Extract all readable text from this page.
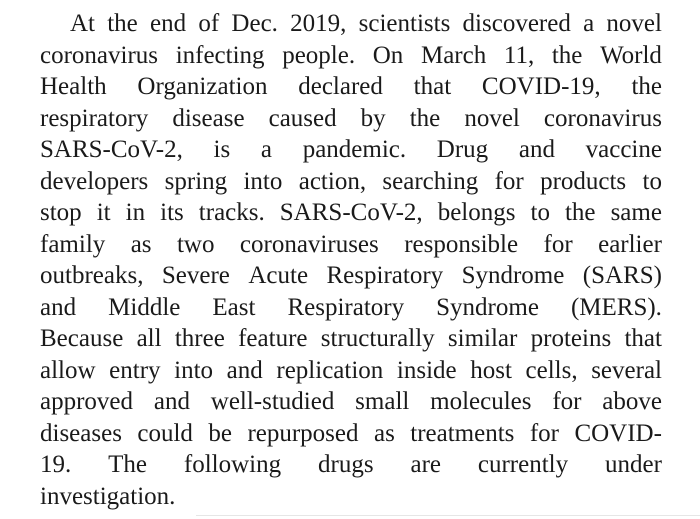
At the end of Dec. 2019, scientists discovered a novel
coronavirus infecting people. On March 11, the World
Health Organization declared that COVID-19, the
respiratory disease caused by the novel coronavirus
SARS-CoV-2, is a pandemic. Drug and vaccine
developers spring into action, searching for products to
stop it in its tracks. SARS-CoV-2, belongs to the same
family as two coronaviruses responsible for earlier
outbreaks, Severe Acute Respiratory Syndrome (SARS)
and Middle East Respiratory Syndrome (MERS).
Because all three feature structurally similar proteins that
allow entry into and replication inside host cells, several
approved and well-studied small molecules for above
diseases could be repurposed as treatments for COVID-
19. The following drugs are currently under
investigation.
